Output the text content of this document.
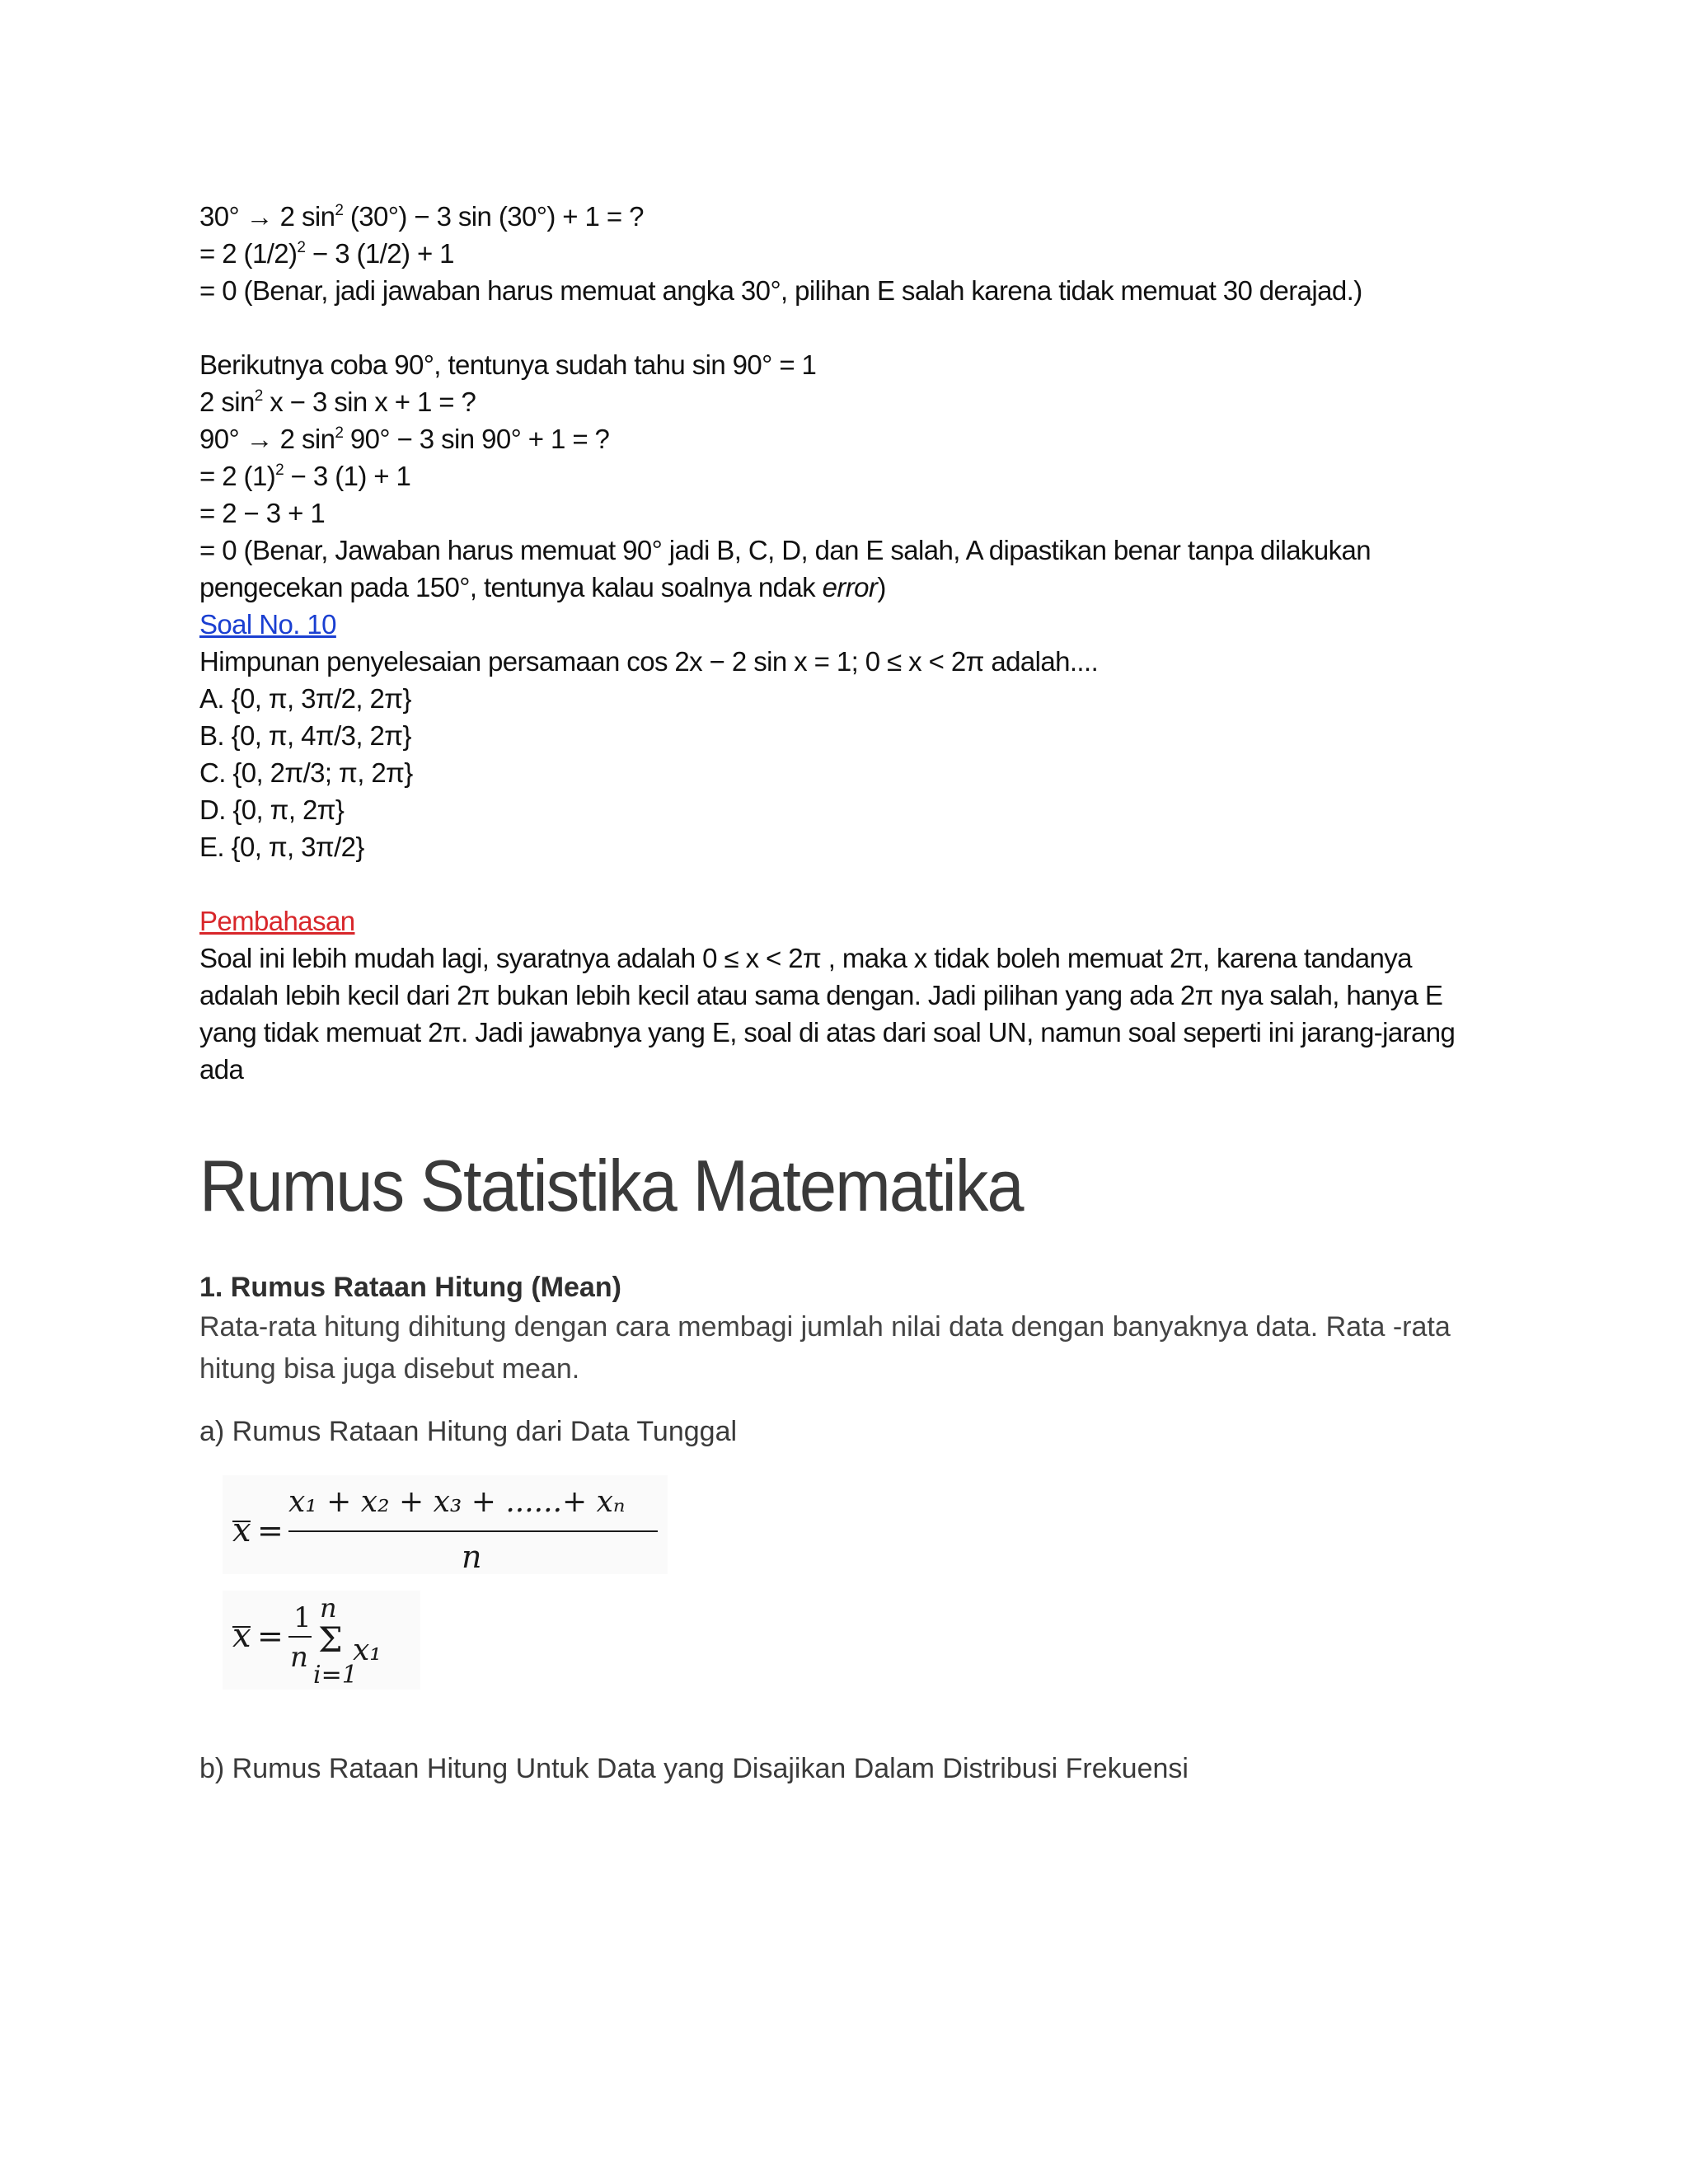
30° → 2 $\sin^2 (30^\circ) - 3$ sin (30°) + 1 = ?
= 2 $(1/2)^2 - 3$ (1/2) + 1
= 0 (Benar, jadi jawaban harus memuat angka 30°, pilihan E salah karena tidak memuat 30 derajad.)
Berikutnya coba 90°, tentunya sudah tahu sin 90° = 1
2 $\sin^2 x - 3$ sin x + 1 = ?
90° → 2 $\sin^2 90^\circ - 3$ sin 90° + 1 = ?
= 2 $(1)^2 - 3$ (1) + 1
= 2 − 3 + 1
= 0 (Benar, Jawaban harus memuat 90° jadi B, C, D, dan E salah, A dipastikan benar tanpa dilakukan pengecekan pada 150°, tentunya kalau soalnya ndak error)
Soal No. 10
Himpunan penyelesaian persamaan cos 2x − 2 sin x = 1; 0 ≤ x < 2π adalah....
A. {0, π, 3π/2, 2π}
B. {0, π, 4π/3, 2π}
C. {0, 2π/3; π, 2π}
D. {0, π, 2π}
E. {0, π, 3π/2}
Pembahasan
Soal ini lebih mudah lagi, syaratnya adalah 0 ≤ x < 2π , maka x tidak boleh memuat 2π, karena tandanya adalah lebih kecil dari 2π bukan lebih kecil atau sama dengan. Jadi pilihan yang ada 2π nya salah, hanya E yang tidak memuat 2π. Jadi jawabnya yang E, soal di atas dari soal UN, namun soal seperti ini jarang-jarang ada
Rumus Statistika Matematika
1. Rumus Rataan Hitung (Mean)
Rata-rata hitung dihitung dengan cara membagi jumlah nilai data dengan banyaknya data. Rata -rata hitung bisa juga disebut mean.
a) Rumus Rataan Hitung dari Data Tunggal
x =
x₁ + x₂ + x₃ + ......+ xₙ
n
x = 1
n
n
Σ
i=1
x₁
b) Rumus Rataan Hitung Untuk Data yang Disajikan Dalam Distribusi Frekuensi
